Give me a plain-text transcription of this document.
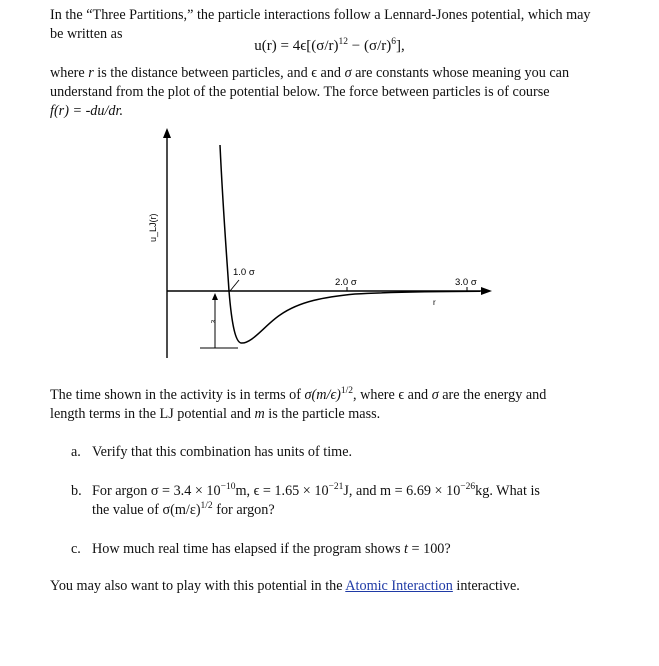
In the “Three Partitions,” the particle interactions follow a Lennard-Jones potential, which may

be written as

$u(r) = 4\epsilon[(\sigma/r)^{12} - (\sigma/r)^6]$,

where r is the distance between particles, and ϵ and σ are constants whose meaning you can

understand from the plot of the potential below. The force between particles is of course

f(r) = -du/dr.

ε
1.0 σ
2.0 σ	3.0 σ
r
u_LJ(r)

The time shown in the activity is in terms of $\sigma(m/\epsilon)^{1/2}$, where ϵ and σ are the energy and

length terms in the LJ potential and m is the particle mass.

a. Verify that this combination has units of time.

b. For argon $\sigma = 3.4 \times 10^{-10}m$, $\epsilon = 1.65 \times 10^{-21}J$, and $m = 6.69 \times 10^{-26}kg$. What is

the value of $\sigma(m/\varepsilon)^{1/2}$ for argon?

c. How much real time has elapsed if the program shows t = 100?

You may also want to play with this potential in the Atomic Interaction interactive.
